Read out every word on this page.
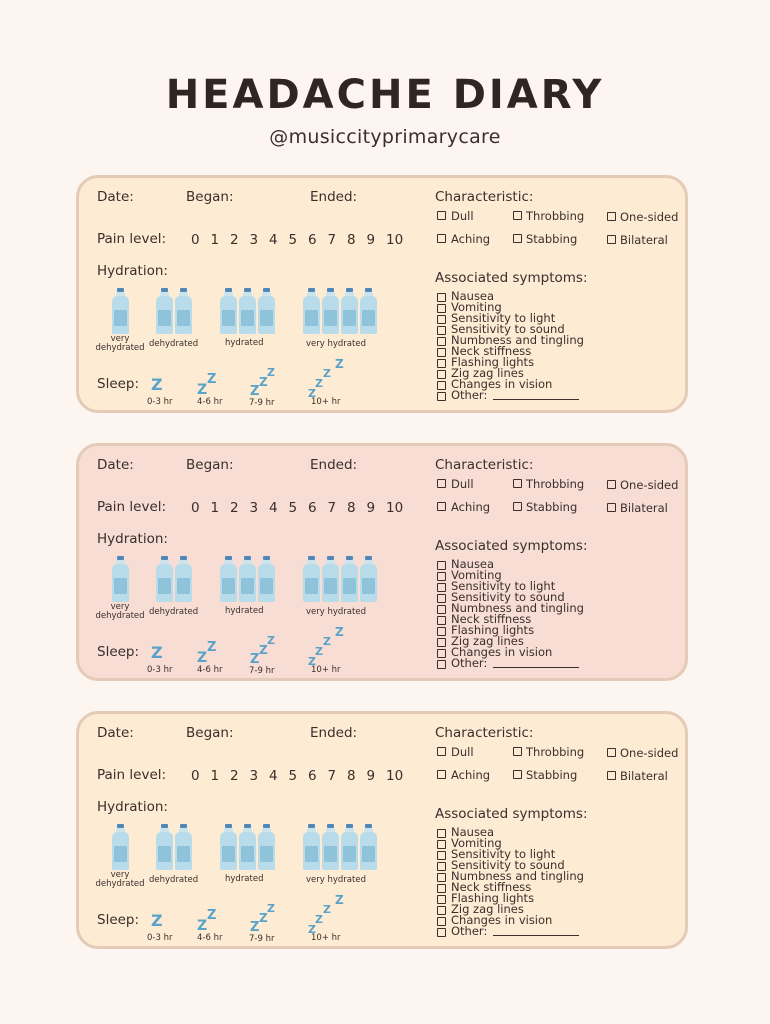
HEADACHE DIARY
@musiccityprimarycare
Date:	Began:	Ended:
Pain level: 0 1 2 3 4 5 6 7 8 9 10
Hydration:
very dehydrated dehydrated	hydrated	very hydrated
Sleep: Z Z
Z
Z
Z
Z
Z
Z
Z
Z
0-3 hr	4-6 hr	7-9 hr	10+ hr
Characteristic:
Dull	Throbbing	One-sided
Aching	Stabbing	Bilateral
Associated symptoms:
Nausea
Vomiting
Sensitivity to light
Sensitivity to sound
Numbness and tingling
Neck stiffness
Flashing lights
Zig zag lines
Changes in vision
Other:
Date:	Began:	Ended:
Pain level: 0 1 2 3 4 5 6 7 8 9 10
Hydration:
very dehydrated dehydrated	hydrated	very hydrated
Sleep: Z Z
Z
Z
Z
Z
Z
Z
Z
Z
0-3 hr	4-6 hr	7-9 hr	10+ hr
Characteristic:
Dull	Throbbing	One-sided
Aching	Stabbing	Bilateral
Associated symptoms:
Nausea
Vomiting
Sensitivity to light
Sensitivity to sound
Numbness and tingling
Neck stiffness
Flashing lights
Zig zag lines
Changes in vision
Other:
Date:	Began:	Ended:
Pain level: 0 1 2 3 4 5 6 7 8 9 10
Hydration:
very dehydrated dehydrated	hydrated	very hydrated
Sleep: Z Z
Z
Z
Z
Z
Z
Z
Z
Z
0-3 hr	4-6 hr	7-9 hr	10+ hr
Characteristic:
Dull	Throbbing	One-sided
Aching	Stabbing	Bilateral
Associated symptoms:
Nausea
Vomiting
Sensitivity to light
Sensitivity to sound
Numbness and tingling
Neck stiffness
Flashing lights
Zig zag lines
Changes in vision
Other:
